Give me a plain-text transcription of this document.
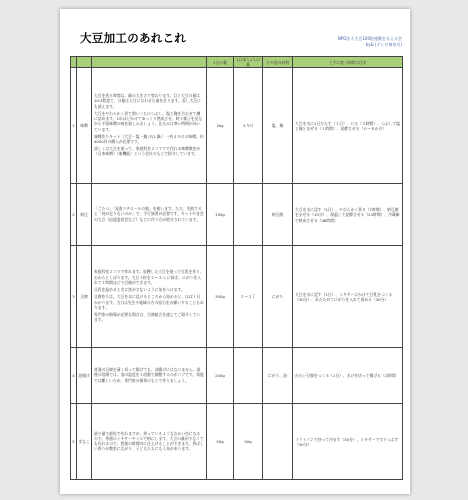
大豆加工のあれこれ	NPO法人大豆100粒運動を支える会
by& (テレビ神奈川)
			1日の量	1日本人1人の量	その他の材料	上手に使う時間の目安
1	味噌	大豆を煮る時間は、緑の大きさで変わります。目と大豆の量は10:3程度で、分量は大豆に合わせた量を計ります。蒸し大豆にも使えます。

大豆をやわらかく煮て熱いうちにつぶし、塩と麹を合わせて樽に詰めます。1年ほどかけてゆっくり熟成させ、時々様子を見ながら手前味噌の味を楽しみましょう。仕込みは寒い時期が向いています。

味噌作りキット（大豆・塩・麹 /7/1 鍋 ）一約４キロの味噌。約4000円の購入が必要です。

詳しくは大豆を使って、家庭科室２コマでで作れる味噌教室が（日本味噌）（秦機能）という会社のもとで紹介しています。	2kg	４キロ	塩、麹	大豆を水に1日ひたす（１日）、にる（５時間）、つぶして塩と麹とまぜる（１時間）、発酵させる（６～８か月）
2	納豆	「ごたつ」「発泡スチロールの箱」を使います。ただ、失敗すると「何が足りないのか」で、予行演習が必要です。キットや各会の大豆（応援委員会など）などに作り方が紹介されています。	100g		納豆菌	大豆を水に浸す（1日）、やわらかく煮る（7時間）、納豆菌をまぜる（10分）、保温して発酵させる（24時間）、冷蔵庫で熟成させる（48時間）
3	豆腐	家庭科室２コマで作れます。収穫した大豆を使って豆乳を作り、おからとしぼります。大豆１粒を２～３つ に砕き、にがりを入れて１時間ほどで豆腐ができます。

豆乳を温めるときに焦がさないように気をつけます。

豆腐作りは、大豆を水に浸けるところから始めると、ほぼ１日かかります。当日は先生や地域の方の協力をお願いすることもあります。

専門家の指導が必要な場合は、豆腐組合を通じてご紹介しています。	300g	２～３丁	にがり	大豆を水に浸す（1日）、ミキサーにかけて豆乳をつくる（30分）、あたためてにがりを入れて固める（30分）
4	油揚げ	普通の豆腐を薄く切って揚げても、油揚げにはなりません。最後の段階では、油の温度を２段階で調整するのがコツです。家庭では難しいため、専門家の指導のもとで作りましょう。	200g		にがり、油	かたい豆腐をつくる（1日）、水けを切って揚げる（1時間）
5	きなこ	最少量で最短で作れますが、煎っているようなわかい色になるので、普通のミキサーやミルで粉にします。大豆の量が少なくても作れるので、授業の時間内に仕上げることができます。香ばしい香りが教室に広がり、子どもたちにも人気があります。	50g	50g		フライパンで炒って冷ます（30分）、ミキサーですりつぶす（30分）
